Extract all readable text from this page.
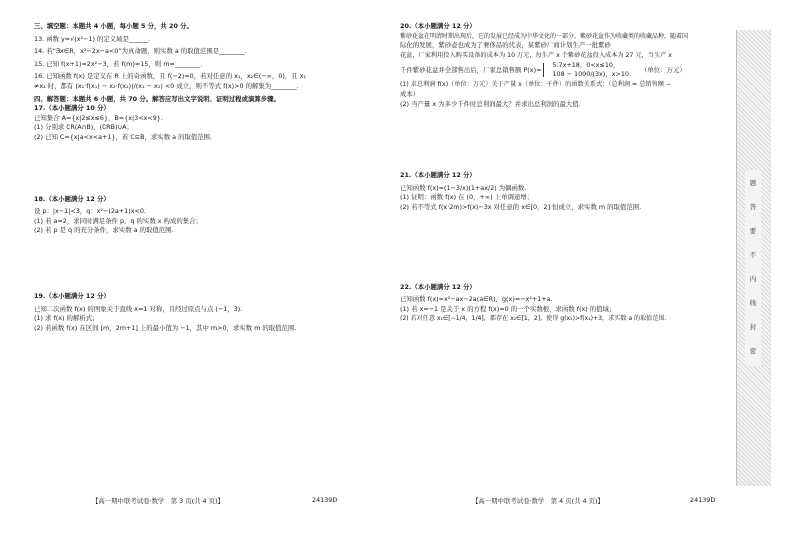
三、填空题：本题共 4 小题，每小题 5 分，共 20 分。
13. 函数 y=√(x²−1) 的定义域是______.
14. 若“∃x∈R，x²−2x−a<0”为真命题，则实数 a 的取值范围是________.
15. 已知 f(x+1)=2x²−3，若 f(m)=15，则 m=________.
16. 已知函数 f(x) 是定义在 R 上的奇函数，且 f(−2)=0，若对任意的 x₁，x₂∈(−∞，0)，且 x₁
≠x₂ 时，都有 (x₁·f(x₁) − x₂·f(x₂))/(x₁ − x₂) <0 成立，则不等式 f(x)>0 的解集为________.
四、解答题：本题共 6 小题，共 70 分。解答应写出文字说明、证明过程或演算步骤。
17.（本小题满分 10 分）
已知集合 A={x|2≤x≤6}，B={x|3<x<9}.
(1) 分别求 ∁R(A∩B)，(∁RB)∪A；
(2) 已知 C={x|a<x<a+1}，若 C⊆B，求实数 a 的取值范围.
18.（本小题满分 12 分）
设 p：|x−1|<3，q：x²−(2a+1)x<0.
(1) 若 a=2，求同时满足条件 p，q 的实数 x 构成的集合；
(2) 若 p 是 q 的充分条件，求实数 a 的取值范围.
19.（本小题满分 12 分）
已知二次函数 f(x) 的图象关于直线 x=1 对称，且经过原点与点 (−1，3).
(1) 求 f(x) 的解析式；
(2) 若函数 f(x) 在区间 [m，2m+1] 上的最小值为 −1，其中 m>0，求实数 m 的取值范围.
20.（本小题满分 12 分）
紫砂花盆在明清时期出现后，它的发展已经成为中华文化的一部分，紫砂花盆作为收藏类的收藏品种，随着国
际化的发展，紫砂壶也成为了奢侈品的代表，某紫砂厂商计划生产一批紫砂
花盆，厂家利用投入购买设备的成本为 10 万元，每生产 x 个紫砂花盆投入成本为 27 元，当生产 x
千件紫砂花盆并全部售出后，厂家总销售额 P(x)=
5.7x+18，0<x≤10，
108 − 1000/(3x)，x>10.
（单位：万元）
(1) 求总利润 f(x)（单位：万元）关于产量 x（单位：千件）的函数关系式；（总利润 = 总销售额 −
成本）
(2) 当产量 x 为多少千件时总利润最大？并求出总利润的最大值.
21.（本小题满分 12 分）
已知函数 f(x)=(1−3/x)(1+ax/2) 为偶函数.
(1) 证明：函数 f(x) 在 (0，+∞) 上单调递增；
(2) 若不等式 f(x·2m)>f(x)−3x 对任意的 x∈[0，2] 恒成立，求实数 m 的取值范围.
22.（本小题满分 12 分）
已知函数 f(x)=x²−ax−2a(a∈R)，g(x)=−x²+1+a.
(1) 若 x=−1 是关于 x 的方程 f(x)=0 的一个实数根，求函数 f(x) 的值域；
(2) 若对任意 x₁∈[−1/4，1/4]，都存在 x₂∈[1，2]，使得 g(x₂)>f(x₁)+3，求实数 a 的取值范围.
【高一期中联考试卷·数学　第 3 页(共 4 页)】	24139D	【高一期中联考试卷·数学　第 4 页(共 4 页)】	24139D
题
答
要
不
内
线
封
密
